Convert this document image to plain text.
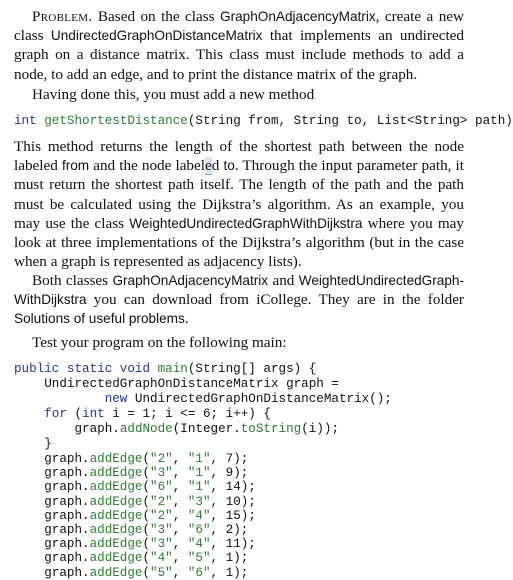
Problem. Based on the class GraphOnAdjacencyMatrix, create a new class UndirectedGraphOnDistanceMatrix that implements an undirected graph on a distance matrix. This class must include methods to add a node, to add an edge, and to print the distance matrix of the graph.

Having done this, you must add a new method

int getShortestDistance(String from, String to, List<String> path)

This method returns the length of the shortest path between the node labeled from and the node labeled to. Through the input parameter path, it must return the shortest path itself. The length of the path and the path must be calculated using the Dijkstra’s algorithm. As an example, you may use the class WeightedUndirectedGraphWithDijkstra where you may look at three implementations of the Dijkstra’s algorithm (but in the case when a graph is represented as adjacency lists).

Both classes GraphOnAdjacencyMatrix and WeightedUndirectedGraph-WithDijkstra you can download from iCollege. They are in the folder Solutions of useful problems.

Test your program on the following main:

public static void main(String[] args) {
UndirectedGraphOnDistanceMatrix graph =
new UndirectedGraphOnDistanceMatrix();
for (int i = 1; i <= 6; i++) {
graph.addNode(Integer.toString(i));
}
graph.addEdge("2", "1", 7);
graph.addEdge("3", "1", 9);
graph.addEdge("6", "1", 14);
graph.addEdge("2", "3", 10);
graph.addEdge("2", "4", 15);
graph.addEdge("3", "6", 2);
graph.addEdge("3", "4", 11);
graph.addEdge("4", "5", 1);
graph.addEdge("5", "6", 1);
